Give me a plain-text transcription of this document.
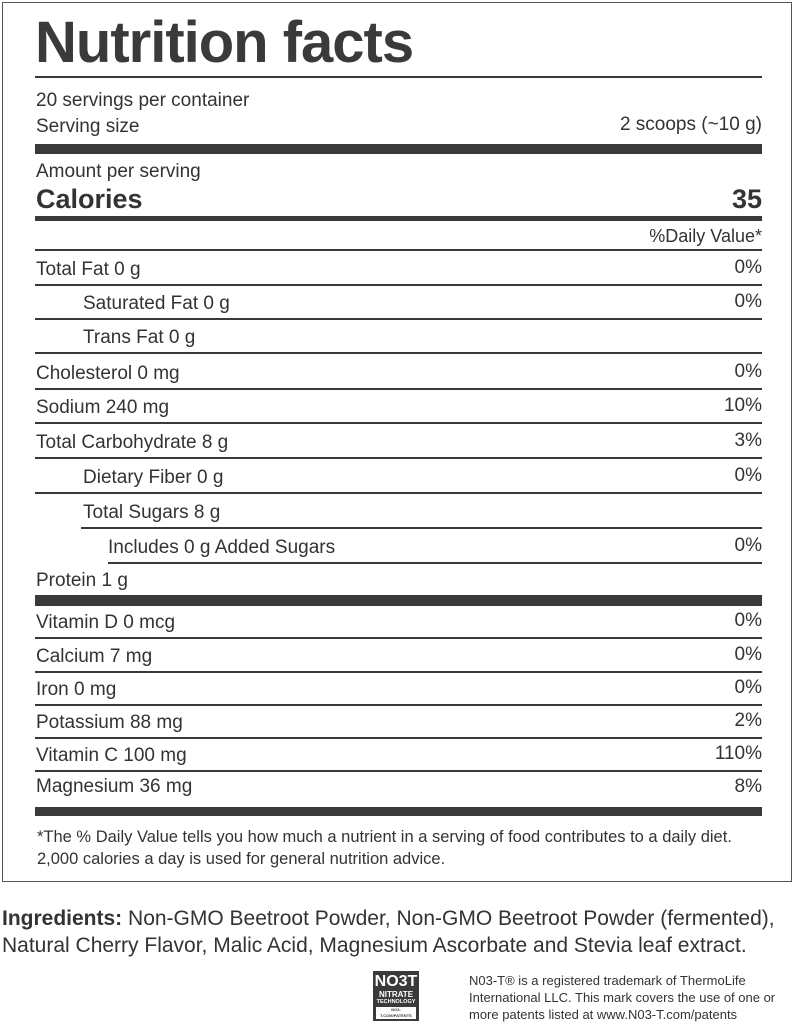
Nutrition facts
20 servings per container
Serving size	2 scoops (~10 g)
Amount per serving
Calories	35
%Daily Value*
Total Fat 0 g	0%
Saturated Fat 0 g	0%
Trans Fat 0 g
Cholesterol 0 mg	0%
Sodium 240 mg	10%
Total Carbohydrate 8 g	3%
Dietary Fiber 0 g	0%
Total Sugars 8 g
Includes 0 g Added Sugars	0%
Protein 1 g
Vitamin D 0 mcg	0%
Calcium 7 mg	0%
Iron 0 mg	0%
Potassium 88 mg	2%
Vitamin C 100 mg	110%
Magnesium 36 mg	8%
*The % Daily Value tells you how much a nutrient in a serving of food contributes to a daily diet. 2,000 calories a day is used for general nutrition advice.
Ingredients: Non-GMO Beetroot Powder, Non-GMO Beetroot Powder (fermented), Natural Cherry Flavor, Malic Acid, Magnesium Ascorbate and Stevia leaf extract.
NO3T
NITRATE
TECHNOLOGY
NO3-T.COM/PATENTS
N03-T® is a registered trademark of ThermoLife International LLC. This mark covers the use of one or more patents listed at www.N03-T.com/patents
